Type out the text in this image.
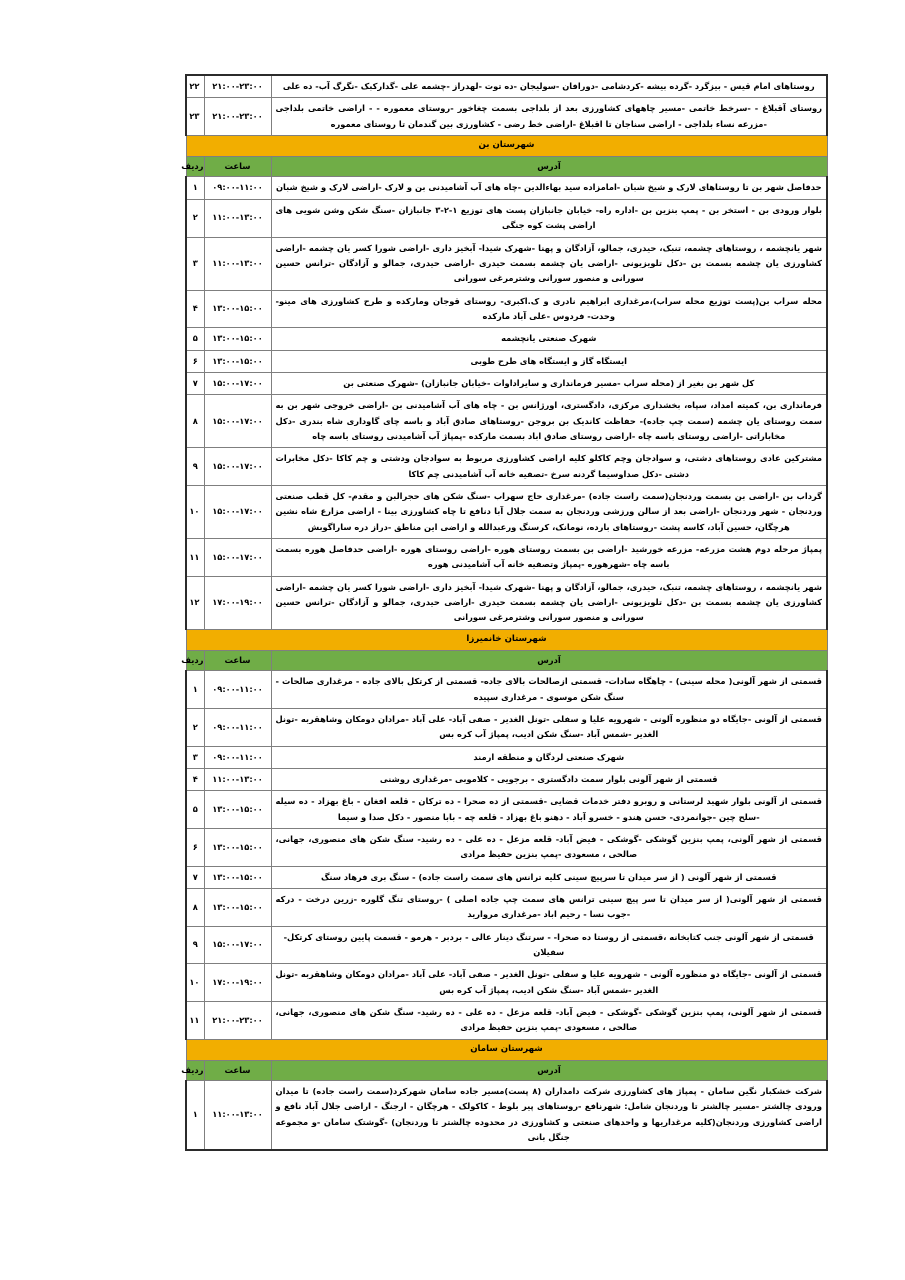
روستاهای امام قیس - بیزگرد -گرده بیشه -کردشامی -دورافان -سولیجان -ده توت -لهدراز -چشمه علی -گدارکبک -نگرگ آب- ده علی	۲۱:۰۰-۲۳:۰۰	۲۲
روستای آقبلاغ - -سرخط خاتمی -مسیر چاههای کشاورزی بعد از بلداجی بسمت چغاخور -روستای معموره - - اراضی خاتمی بلداجی -مزرعه نساء بلداجی - اراضی سناجان تا اقبلاغ -اراضی خط رضی - کشاورزی بین گندمان تا روستای معموره	۲۱:۰۰-۲۳:۰۰	۲۳
شهرستان بن		
آدرس	ساعت	ردیف
حدفاصل شهر بن تا روستاهای لارک و شیخ شبان -امامزاده سید بهاءالدین -چاه های آب آشامیدنی بن و لارک -اراضی لارک و شیخ شبان	۰۹:۰۰-۱۱:۰۰	۱
بلوار ورودی بن - استخر بن - پمپ بنزین بن -اداره راه- خیابان جانبازان پست های توزیع ۱-۲-۳ جانبازان -سنگ شکن وشن شویی های اراضی پشت کوه جنگی	۱۱:۰۰-۱۳:۰۰	۲
شهر یانچشمه ، روستاهای چشمه، تنبک، حیدری، جمالو، آزادگان و پهنا -شهرک شیدا- آبخیز داری -اراضی شورا کسر یان چشمه -اراضی کشاورزی یان چشمه بسمت بن -دکل تلویزیونی -اراضی یان چشمه بسمت حیدری -اراضی حیدری، جمالو و آزادگان -ترانس حسین سورانی و منصور سورانی وشترمرغی سورانی	۱۱:۰۰-۱۳:۰۰	۳
محله سراب بن(پست توزیع محله سراب)،مرغداری ابراهیم نادری و ک.اکبری- روستای قوجان ومارکده و طرح کشاورزی های مینو- وحدت- فردوس -علی آباد مارکده	۱۳:۰۰-۱۵:۰۰	۴
شهرک صنعتی یانچشمه	۱۳:۰۰-۱۵:۰۰	۵
ایستگاه گاز و ایستگاه های طرح طوبی	۱۳:۰۰-۱۵:۰۰	۶
کل شهر بن بغیر از (محله سراب -مسیر فرمانداری و سایراداوات -خیابان جانبازان) -شهرک صنعتی بن	۱۵:۰۰-۱۷:۰۰	۷
فرمانداری بن، کمیته امداد، سپاه، بخشداری مرکزی، دادگستری، اورژانس بن - چاه های آب آشامیدنی بن -اراضی خروجی شهر بن به سمت روستای یان چشمه (سمت چپ جاده)- حفاظت کاندیک بن بروجن -روستاهای صادق آباد و باسه چای گاوداری شاه بندری -دکل مخاباراتی -اراضی روستای باسه چاه -اراضی روستای صادق اباد بسمت مارکده -پمپاژ آب آشامیدنی روستای باسه چاه	۱۵:۰۰-۱۷:۰۰	۸
مشترکین عادی روستاهای دشتی، و سوادجان وچم کاکلو کلیه اراضی کشاورزی مربوط به سوادجان ودشتی و چم کاکا -دکل مخابرات دشتی -دکل صداوسیما گردنه سرخ -تصفیه خانه آب آشامیدنی چم کاکا	۱۵:۰۰-۱۷:۰۰	۹
گرداب بن -اراضی بن بسمت وردنجان(سمت راست جاده) -مرغداری حاج سهراب -سنگ شکن های حجرالبن و مقدم- کل قطب صنعتی وردنجان - شهر وردنجان -اراضی بعد از سالن ورزشی وردنجان به سمت جلال آبا دنافع تا چاه کشاورزی بینا - اراضی مزارع شاه نشین هرچگان، حسین آباد، کاسه پشت -روستاهای بارده، نومانک، کرسنگ ورعبدالله و اراضی این مناطق -دراز دره ساراگوبش	۱۵:۰۰-۱۷:۰۰	۱۰
پمپاژ مرحله دوم هشت مزرعه- مزرعه خورشید -اراضی بن بسمت روستای هوره -اراضی روستای هوره -اراضی حدفاصل هوره بسمت باسه چاه -شهرهوره -پمپاژ وتصفیه خانه آب آشامیدنی هوره	۱۵:۰۰-۱۷:۰۰	۱۱
شهر یانچشمه ، روستاهای چشمه، تنبک، حیدری، جمالو، آزادگان و پهنا -شهرک شیدا- آبخیز داری -اراضی شورا کسر یان چشمه -اراضی کشاورزی یان چشمه بسمت بن -دکل تلویزیونی -اراضی یان چشمه بسمت حیدری -اراضی حیدری، جمالو و آزادگان -ترانس حسین سورانی و منصور سورانی وشترمرغی سورانی	۱۷:۰۰-۱۹:۰۰	۱۲
شهرستان خانمیرزا		
آدرس	ساعت	ردیف
قسمتی از شهر آلونی( محله سینی) - چاهگاه سادات- قسمتی ازصالحات بالای جاده- قسمتی از کرتکل بالای جاده - مرغداری صالحات - سنگ شکن موسوی - مرغداری سپیده	۰۹:۰۰-۱۱:۰۰	۱
قسمتی از آلونی -جایگاه دو منظوره آلونی - شهرویه علیا و سفلی -تونل الغدیر - صفی آباد- علی آباد -مرادان دومکان وشاهقربه -تونل الغدیر -شمس آباد -سنگ شکن ادیب، پمپاژ آب کره بس	۰۹:۰۰-۱۱:۰۰	۲
شهرک صنعتی لردگان و منطقه ارمند	۰۹:۰۰-۱۱:۰۰	۳
قسمتی از شهر آلونی بلوار سمت دادگستری - برجویی - کلاموبی -مرغداری روشنی	۱۱:۰۰-۱۳:۰۰	۴
قسمتی از آلونی بلوار شهید لرستانی و روبرو دفتر خدمات قضایی -قسمتی از ده صحرا - ده ترکان - قلعه افغان - باغ بهزاد - ده سیله -سلح چین -جوانمردی- حسن هندو - خسرو آباد - دهنو باغ بهزاد - قلعه چه - بابا منصور - دکل صدا و سیما	۱۳:۰۰-۱۵:۰۰	۵
قسمتی از شهر آلونی، پمپ بنزین گوشکی -گوشکی - فیض آباد- قلعه مزعل - ده علی - ده رشید- سنگ شکن های منصوری، جهانی، صالحی ، مسعودی -پمپ بنزین حفیظ مرادی	۱۳:۰۰-۱۵:۰۰	۶
قسمتی از شهر آلونی ( از سر میدان تا سرپیچ سینی کلیه ترانس های سمت راست جاده) - سنگ بری فرهاد سنگ	۱۳:۰۰-۱۵:۰۰	۷
قسمتی از شهر آلونی( از سر میدان تا سر پیچ سینی ترانس های سمت چپ جاده اصلی ) -روستای تنگ گلوره -زرین درخت - درکه -جوب نسا - رحیم اباد -مرغداری مروارید	۱۳:۰۰-۱۵:۰۰	۸
قسمتی از شهر آلونی جنب کتابخانه ،قسمتی از روستا ده صحرا- - سرتنگ دینار عالی - بردبر - هرمو - قسمت پایین روستای کرتکل- سفیلان	۱۵:۰۰-۱۷:۰۰	۹
قسمتی از آلونی -جایگاه دو منظوره آلونی - شهرویه علیا و سفلی -تونل الغدیر - صفی آباد- علی آباد -مرادان دومکان وشاهقربه -تونل الغدیر -شمس آباد -سنگ شکن ادیب، پمپاژ آب کره بس	۱۷:۰۰-۱۹:۰۰	۱۰
قسمتی از شهر آلونی، پمپ بنزین گوشکی -گوشکی - فیض آباد- قلعه مزعل - ده علی - ده رشید- سنگ شکن های منصوری، جهانی، صالحی ، مسعودی -پمپ بنزین حفیظ مرادی	۲۱:۰۰-۲۳:۰۰	۱۱
شهرستان سامان		
آدرس	ساعت	ردیف
شرکت خشکبار نگین سامان - پمپاژ های کشاورزی شرکت دامداران (۸ پست)مسیر جاده سامان شهرکرد(سمت راست جاده) تا میدان ورودی چالشتر -مسیر چالشتر تا وردنجان شامل: شهرنافع -روستاهای پیر بلوط - کاکولک - هرچگان - ارجنگ - اراضی جلال آباد نافع و اراضی کشاورزی وردنجان(کلیه مرغداریها و واحدهای صنعتی و کشاورزی در محدوده چالشتر تا وردنجان) -گوشتک سامان -و مجموعه جنگل بانی	۱۱:۰۰-۱۳:۰۰	۱
